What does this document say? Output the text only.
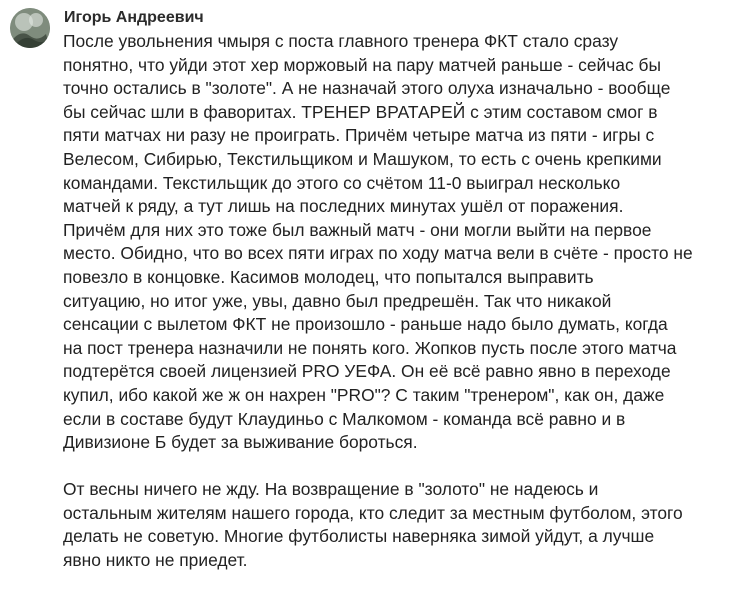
Игорь Андреевич
После увольнения чмыря с поста главного тренера ФКТ стало сразу
понятно, что уйди этот хер моржовый на пару матчей раньше - сейчас бы
точно остались в "золоте". А не назначай этого олуха изначально - вообще
бы сейчас шли в фаворитах. ТРЕНЕР ВРАТАРЕЙ с этим составом смог в
пяти матчах ни разу не проиграть. Причём четыре матча из пяти - игры с
Велесом, Сибирью, Текстильщиком и Машуком, то есть с очень крепкими
командами. Текстильщик до этого со счётом 11-0 выиграл несколько
матчей к ряду, а тут лишь на последних минутах ушёл от поражения.
Причём для них это тоже был важный матч - они могли выйти на первое
место. Обидно, что во всех пяти играх по ходу матча вели в счёте - просто не
повезло в концовке. Касимов молодец, что попытался выправить
ситуацию, но итог уже, увы, давно был предрешён. Так что никакой
сенсации с вылетом ФКТ не произошло - раньше надо было думать, когда
на пост тренера назначили не понять кого. Жопков пусть после этого матча
подтерётся своей лицензией PRO УЕФА. Он её всё равно явно в переходе
купил, ибо какой же ж он нахрен "PRO"? С таким "тренером", как он, даже
если в составе будут Клаудиньо с Малкомом - команда всё равно и в
Дивизионе Б будет за выживание бороться.
От весны ничего не жду. На возвращение в "золото" не надеюсь и
остальным жителям нашего города, кто следит за местным футболом, этого
делать не советую. Многие футболисты наверняка зимой уйдут, а лучше
явно никто не приедет.
